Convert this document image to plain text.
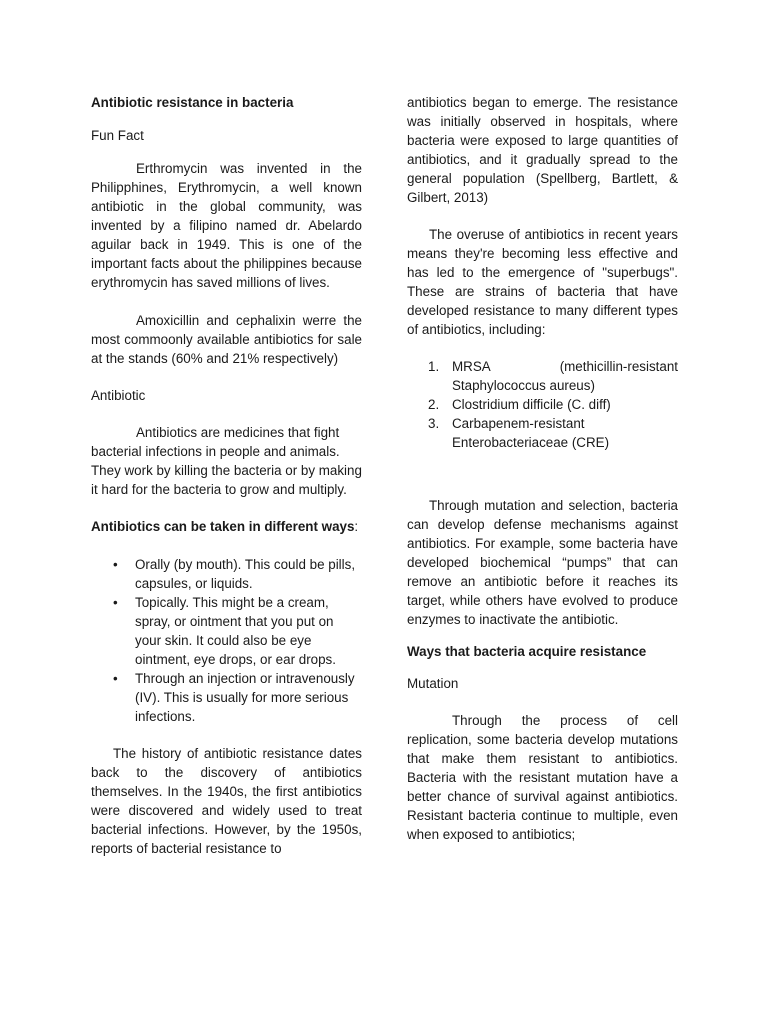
Antibiotic resistance in bacteria

Fun Fact

Erthromycin was invented in the Philipphines, Erythromycin, a well known antibiotic in the global community, was invented by a filipino named dr. Abelardo aguilar back in 1949. This is one of the important facts about the philippines because erythromycin has saved millions of lives.

Amoxicillin and cephalixin werre the most commoonly available antibiotics for sale at the stands (60% and 21% respectively)

Antibiotic

Antibiotics are medicines that fight bacterial infections in people and animals. They work by killing the bacteria or by making it hard for the bacteria to grow and multiply.

Antibiotics can be taken in different ways:

• Orally (by mouth). This could be pills, capsules, or liquids.
• Topically. This might be a cream, spray, or ointment that you put on your skin. It could also be eye ointment, eye drops, or ear drops.
• Through an injection or intravenously (IV). This is usually for more serious infections.

The history of antibiotic resistance dates back to the discovery of antibiotics themselves. In the 1940s, the first antibiotics were discovered and widely used to treat bacterial infections. However, by the 1950s, reports of bacterial resistance to

antibiotics began to emerge. The resistance was initially observed in hospitals, where bacteria were exposed to large quantities of antibiotics, and it gradually spread to the general population (Spellberg, Bartlett, & Gilbert, 2013)

The overuse of antibiotics in recent years means they're becoming less effective and has led to the emergence of "superbugs". These are strains of bacteria that have developed resistance to many different types of antibiotics, including:

1. MRSA	(methicillin-resistant
Staphylococcus aureus)
2. Clostridium difficile (C. diff)
3. Carbapenem-resistant Enterobacteriaceae (CRE)

Through mutation and selection, bacteria can develop defense mechanisms against antibiotics. For example, some bacteria have developed biochemical “pumps” that can remove an antibiotic before it reaches its target, while others have evolved to produce enzymes to inactivate the antibiotic.

Ways that bacteria acquire resistance

Mutation

Through the process of cell replication, some bacteria develop mutations that make them resistant to antibiotics. Bacteria with the resistant mutation have a better chance of survival against antibiotics. Resistant bacteria continue to multiple, even when exposed to antibiotics;
